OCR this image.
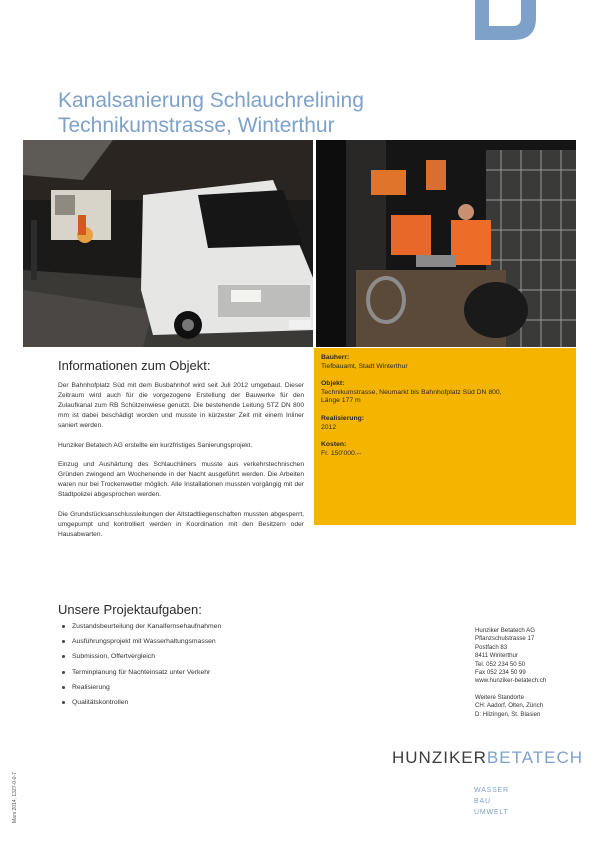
Kanalsanierung Schlauchrelining
Technikumstrasse, Winterthur
Informationen zum Objekt:

Der Bahnhofplatz Süd mit dem Busbahnhof wird seit Juli 2012 umgebaut. Dieser Zeitraum wird auch für die vorgezogene Erstellung der Bauwerke für den Zulaufkanal zum RB Schützenwiese genutzt. Die bestehende Leitung STZ DN 800 mm ist dabei beschädigt worden und musste in kürzester Zeit mit einem Inliner saniert werden.

Hunziker Betatech AG erstellte ein kurzfristiges Sanierungsprojekt.

Einzug und Aushärtung des Schlauchliners musste aus verkehrstechnischen Gründen zwingend am Wochenende in der Nacht ausgeführt werden. Die Arbeiten waren nur bei Trockenwetter möglich. Alle Installationen mussten vorgängig mit der Stadtpolizei abgesprochen werden.

Die Grundstücksanschlussleitungen der Altstadtliegenschaften mussten abgesperrt, umgepumpt und kontrolliert werden in Koordination mit den Besitzern oder Hausabwarten.

Bauherr:
Tiefbauamt, Stadt Winterthur
Objekt:
Technikumstrasse, Neumarkt bis Bahnhofplatz Süd DN 800, Länge 177 m
Realisierung:
2012
Kosten:
Fr. 150'000.--
Unsere Projektaufgaben:
Zustandsbeurteilung der Kanalfernsehaufnahmen
Ausführungsprojekt mit Wasserhaltungsmassen
Submission, Offertvergleich
Terminplanung für Nachteinsatz unter Verkehr
Realisierung
Qualitätskontrollen
Hunziker Betatech AG
Pflanzschulstrasse 17
Postfach 83
8411 Winterthur
Tel. 052 234 50 50
Fax 052 234 50 99
www.hunziker-betatech.ch
Weitere Standorte
CH: Aadorf, Olten, Zürich
D: Hilzingen, St. Blasien
HUNZIKERBETATECH
WASSER
BAU
UMWELT
Mars 2014, 1327-0-0-7
